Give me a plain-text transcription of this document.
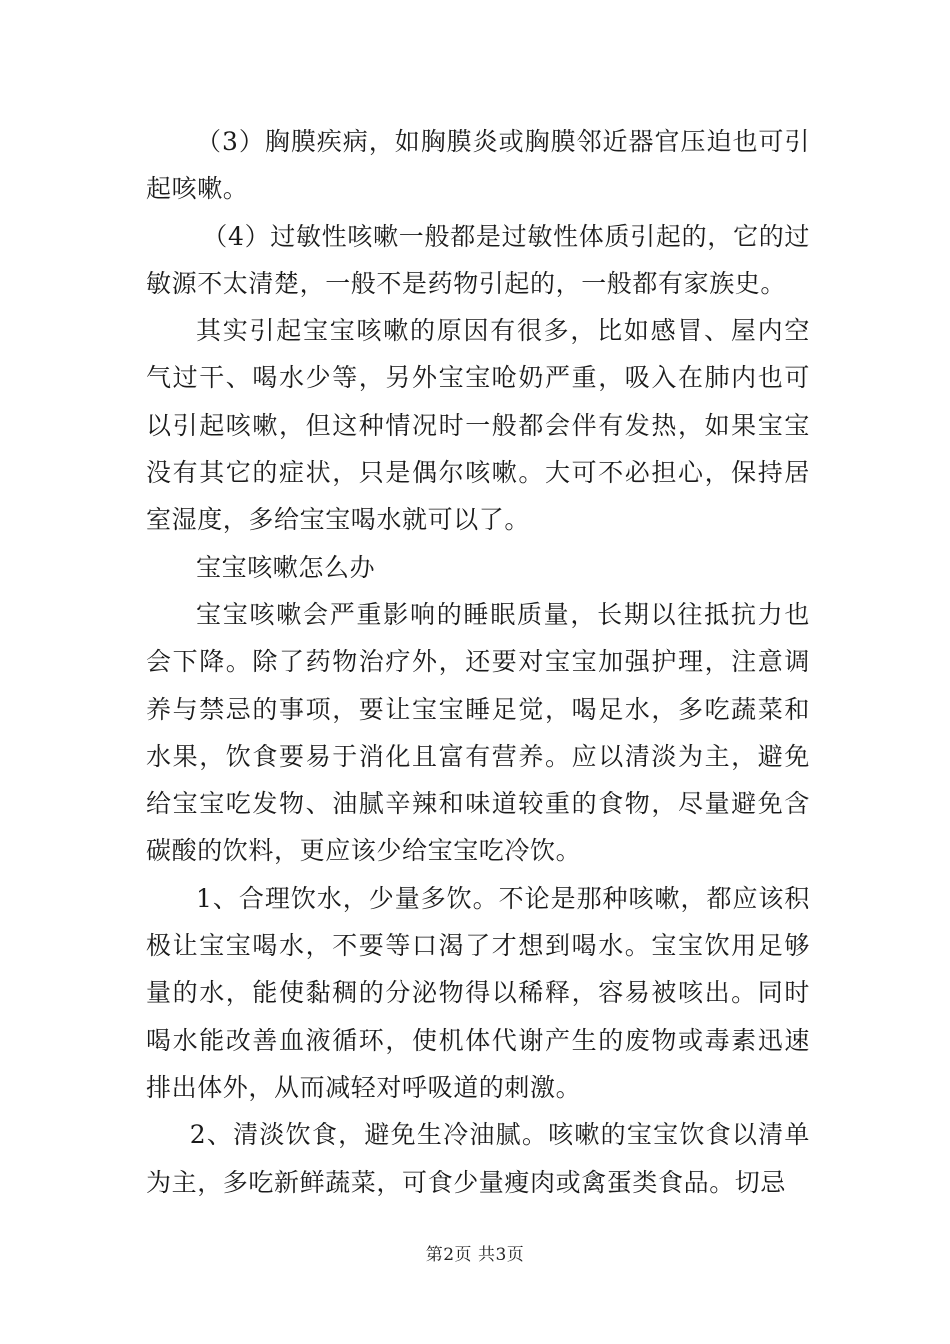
（3）胸膜疾病，如胸膜炎或胸膜邻近器官压迫也可引起咳嗽。

（4）过敏性咳嗽一般都是过敏性体质引起的，它的过敏源不太清楚，一般不是药物引起的，一般都有家族史。

其实引起宝宝咳嗽的原因有很多，比如感冒、屋内空气过干、喝水少等，另外宝宝呛奶严重，吸入在肺内也可以引起咳嗽，但这种情况时一般都会伴有发热，如果宝宝没有其它的症状，只是偶尔咳嗽。大可不必担心，保持居室湿度，多给宝宝喝水就可以了。

宝宝咳嗽怎么办

宝宝咳嗽会严重影响的睡眠质量，长期以往抵抗力也会下降。除了药物治疗外，还要对宝宝加强护理，注意调养与禁忌的事项，要让宝宝睡足觉，喝足水，多吃蔬菜和水果，饮食要易于消化且富有营养。应以清淡为主，避免给宝宝吃发物、油腻辛辣和味道较重的食物，尽量避免含碳酸的饮料，更应该少给宝宝吃冷饮。

1、合理饮水，少量多饮。不论是那种咳嗽，都应该积极让宝宝喝水，不要等口渴了才想到喝水。宝宝饮用足够量的水，能使黏稠的分泌物得以稀释，容易被咳出。同时喝水能改善血液循环，使机体代谢产生的废物或毒素迅速排出体外，从而减轻对呼吸道的刺激。

2、清淡饮食，避免生冷油腻。咳嗽的宝宝饮食以清单为主，多吃新鲜蔬菜，可食少量瘦肉或禽蛋类食品。切忌

第2页 共3页
